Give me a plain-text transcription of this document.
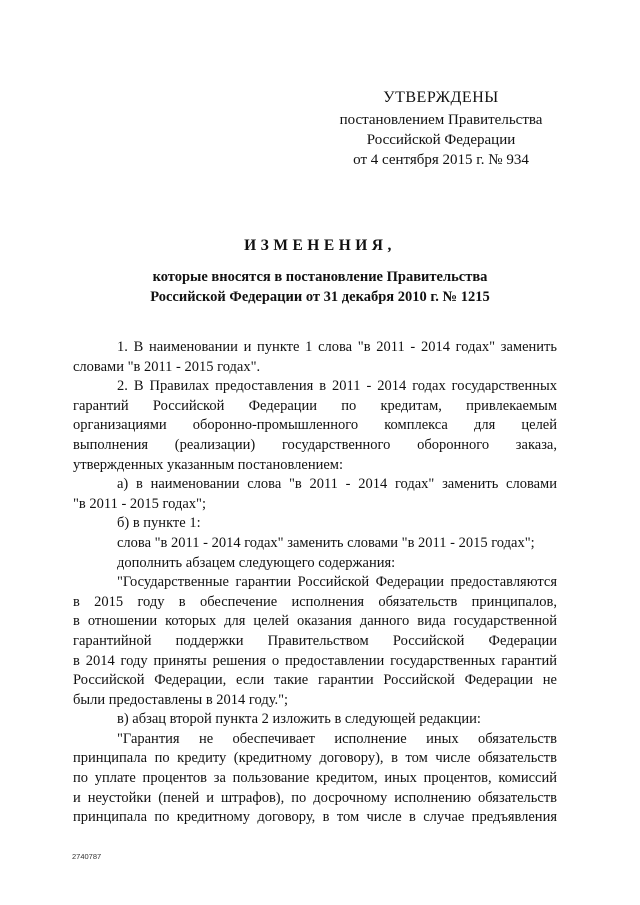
УТВЕРЖДЕНЫ
постановлением Правительства
Российской Федерации
от 4 сентября 2015 г. № 934
ИЗМЕНЕНИЯ,
которые вносятся в постановление Правительства
Российской Федерации от 31 декабря 2010 г. № 1215

1. В наименовании и пункте 1 слова "в 2011 - 2014 годах" заменить
словами "в 2011 - 2015 годах".

2. В Правилах предоставления в 2011 - 2014 годах государственных
гарантий Российской Федерации по кредитам, привлекаемым
организациями оборонно-промышленного комплекса для целей
выполнения (реализации) государственного оборонного заказа,
утвержденных указанным постановлением:

а) в наименовании слова "в 2011 - 2014 годах" заменить словами
"в 2011 - 2015 годах";

б) в пункте 1:
слова "в 2011 - 2014 годах" заменить словами "в 2011 - 2015 годах";
дополнить абзацем следующего содержания:

"Государственные гарантии Российской Федерации предоставляются
в 2015 году в обеспечение исполнения обязательств принципалов,
в отношении которых для целей оказания данного вида государственной
гарантийной поддержки Правительством Российской Федерации
в 2014 году приняты решения о предоставлении государственных гарантий
Российской Федерации, если такие гарантии Российской Федерации не
были предоставлены в 2014 году.";

в) абзац второй пункта 2 изложить в следующей редакции:

"Гарантия не обеспечивает исполнение иных обязательств
принципала по кредиту (кредитному договору), в том числе обязательств
по уплате процентов за пользование кредитом, иных процентов, комиссий
и неустойки (пеней и штрафов), по досрочному исполнению обязательств
принципала по кредитному договору, в том числе в случае предъявления

2740787
